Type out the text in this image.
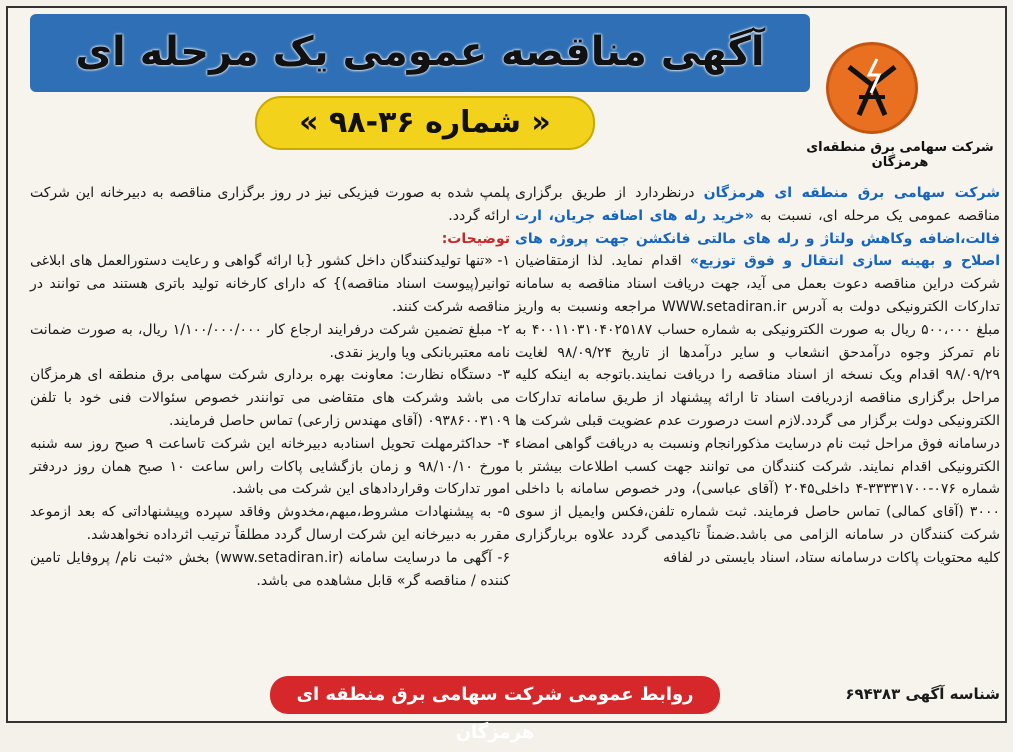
آگهی مناقصه عمومی یک مرحله ای
« شماره ۳۶-۹۸ »
شرکت سهامی برق منطقه‌ای هرمزگان
شرکت سهامی برق منطقه ای هرمزگان درنظردارد از طریق برگزاری مناقصه عمومی یک مرحله ای، نسبت به «خرید رله های اضافه جریان، ارت فالت،اضافه وکاهش ولتاژ و رله های مالتی فانکشن جهت پروژه های اصلاح و بهینه سازی انتقال و فوق توزیع» اقدام نماید. لذا ازمتقاضیان شرکت دراین مناقصه دعوت بعمل می آید، جهت دریافت اسناد مناقصه به سامانه تدارکات الکترونیکی دولت به آدرس WWW.setadiran.ir مراجعه ونسبت به واریز مبلغ ۵۰۰،۰۰۰ ریال به صورت الکترونیکی به شماره حساب ۴۰۰۱۱۰۳۱۰۴۰۲۵۱۸۷ به نام تمرکز وجوه درآمدحق انشعاب و سایر درآمدها از تاریخ ۹۸/۰۹/۲۴ لغایت ۹۸/۰۹/۲۹ اقدام ویک نسخه از اسناد مناقصه را دریافت نمایند.باتوجه به اینکه کلیه مراحل برگزاری مناقصه ازدریافت اسناد تا ارائه پیشنهاد از طریق سامانه تدارکات الکترونیکی دولت برگزار می گردد.لازم است درصورت عدم عضویت قبلی شرکت ها درسامانه فوق مراحل ثبت نام درسایت مذکورانجام ونسبت به دریافت گواهی امضاء الکترونیکی اقدام نمایند. شرکت کنندگان می توانند جهت کسب اطلاعات بیشتر با شماره ۰۷۶-۳۳۳۳۱۷۰۰-۴ داخلی۲۰۴۵ (آقای عباسی)، ودر خصوص سامانه با داخلی ۳۰۰۰ (آقای کمالی) تماس حاصل فرمایند. ثبت شماره تلفن،فکس وایمیل از سوی شرکت کنندگان در سامانه الزامی می باشد.ضمناً تاکیدمی گردد علاوه بربارگزاری کلیه محتویات پاکات درسامانه ستاد، اسناد بایستی در لفافه
پلمپ شده به صورت فیزیکی نیز در روز برگزاری مناقصه به دبیرخانه این شرکت ارائه گردد.
توضیحات:
۱- «تنها تولیدکنندگان داخل کشور {با ارائه گواهی و رعایت دستورالعمل های ابلاغی توانیر(پیوست اسناد مناقصه)} که دارای کارخانه تولید باتری هستند می توانند در مناقصه شرکت کنند.
۲- مبلغ تضمین شرکت درفرایند ارجاع کار ۱/۱۰۰/۰۰۰/۰۰۰ ریال، به صورت ضمانت نامه معتبربانکی ویا واریز نقدی.
۳- دستگاه نظارت: معاونت بهره برداری شرکت سهامی برق منطقه ای هرمزگان می باشد وشرکت های متقاضی می توانندر خصوص سئوالات فنی خود با تلفن ۰۹۳۸۶۰۰۳۱۰۹ (آقای مهندس زارعی) تماس حاصل فرمایند.
۴- حداکثرمهلت تحویل اسنادبه دبیرخانه این شرکت تاساعت ۹ صبح روز سه شنبه مورخ ۹۸/۱۰/۱۰ و زمان بازگشایی پاکات راس ساعت ۱۰ صبح همان روز دردفتر امور تدارکات وقراردادهای این شرکت می باشد.
۵- به پیشنهادات مشروط،مبهم،مخدوش وفاقد سپرده وپیشنهاداتی که بعد ازموعد مقرر به دبیرخانه این شرکت ارسال گردد مطلقاً ترتیب اثرداده نخواهدشد.
۶- آگهی ما درسایت سامانه (www.setadiran.ir) بخش «ثبت نام/ پروفایل تامین کننده / مناقصه گر» قابل مشاهده می باشد.
شناسه آگهی ۶۹۴۳۸۳
روابط عمومی شرکت سهامی برق منطقه ای هرمزگان
